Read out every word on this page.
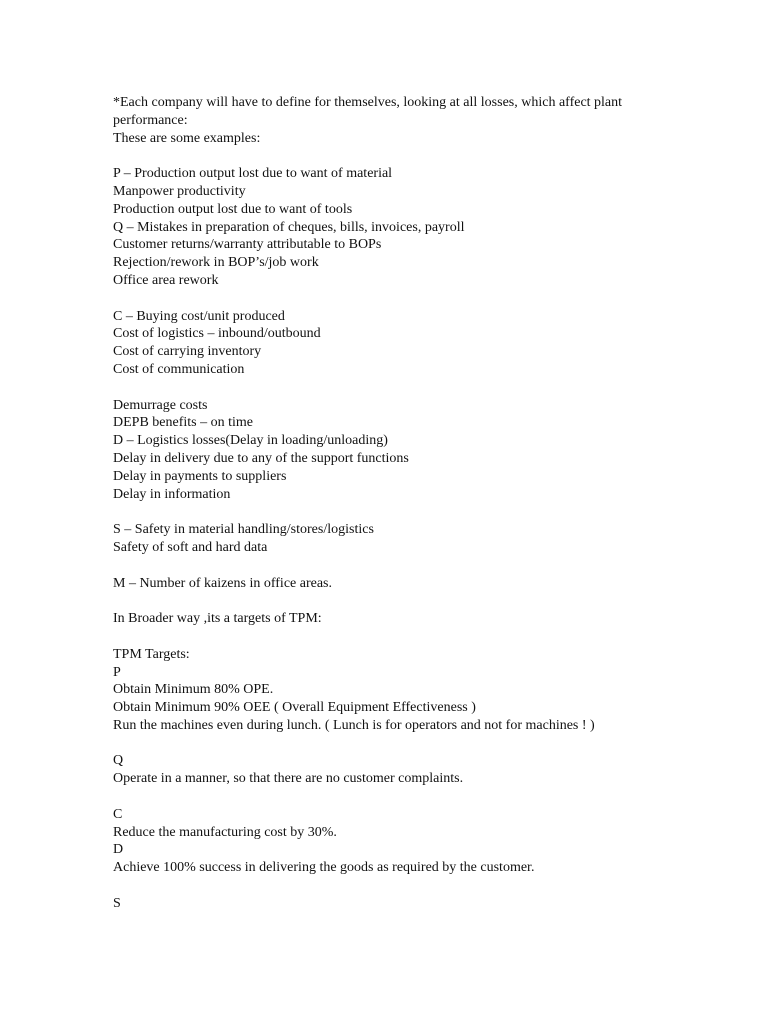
*Each company will have to define for themselves, looking at all losses, which affect plant performance:
These are some examples:
P – Production output lost due to want of material
Manpower productivity
Production output lost due to want of tools
Q – Mistakes in preparation of cheques, bills, invoices, payroll
Customer returns/warranty attributable to BOPs
Rejection/rework in BOP’s/job work
Office area rework
C – Buying cost/unit produced
Cost of logistics – inbound/outbound
Cost of carrying inventory
Cost of communication
Demurrage costs
DEPB benefits – on time
D – Logistics losses(Delay in loading/unloading)
Delay in delivery due to any of the support functions
Delay in payments to suppliers
Delay in information
S – Safety in material handling/stores/logistics
Safety of soft and hard data
M – Number of kaizens in office areas.
In Broader way ,its a targets of TPM:
TPM Targets:
P
Obtain Minimum 80% OPE.
Obtain Minimum 90% OEE ( Overall Equipment Effectiveness )
Run the machines even during lunch. ( Lunch is for operators and not for machines ! )
Q
Operate in a manner, so that there are no customer complaints.
C
Reduce the manufacturing cost by 30%.
D
Achieve 100% success in delivering the goods as required by the customer.
S
